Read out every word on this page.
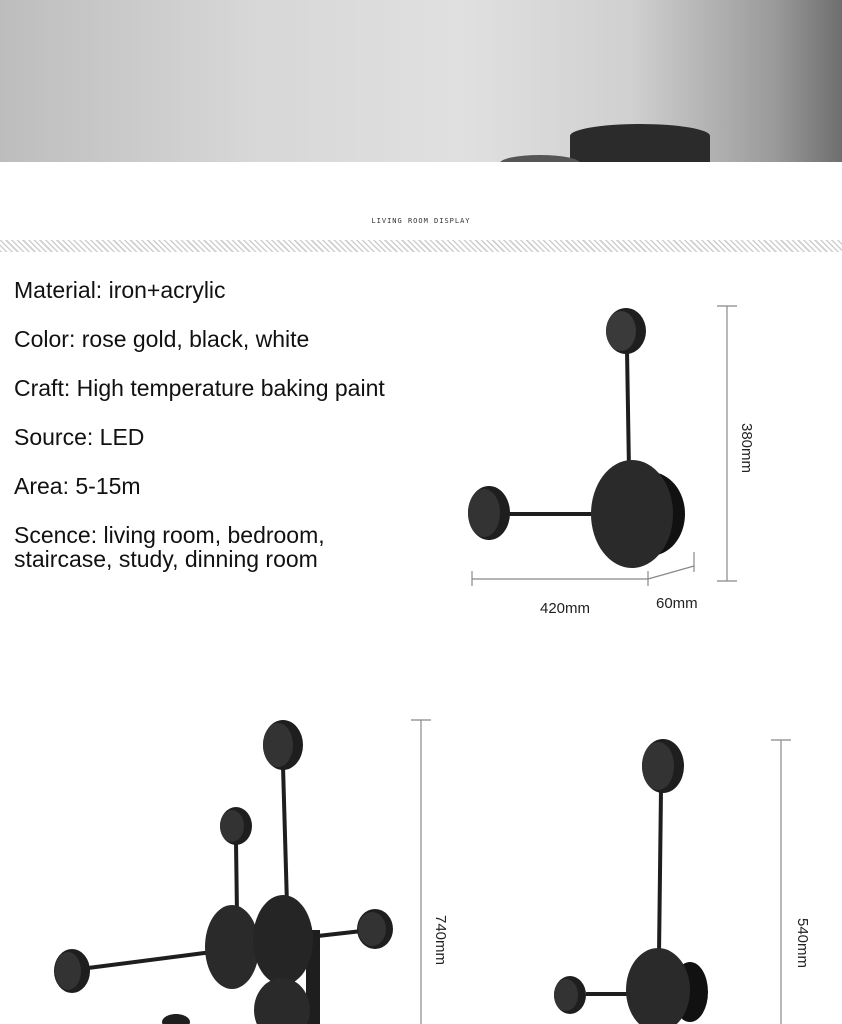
LIVING ROOM DISPLAY
Material: iron+acrylic
Color: rose gold, black, white
Craft: High temperature baking paint
Source: LED
Area: 5-15m
Scence: living room, bedroom,
staircase, study, dinning room
380mm
420mm	60mm
740mm	540mm
